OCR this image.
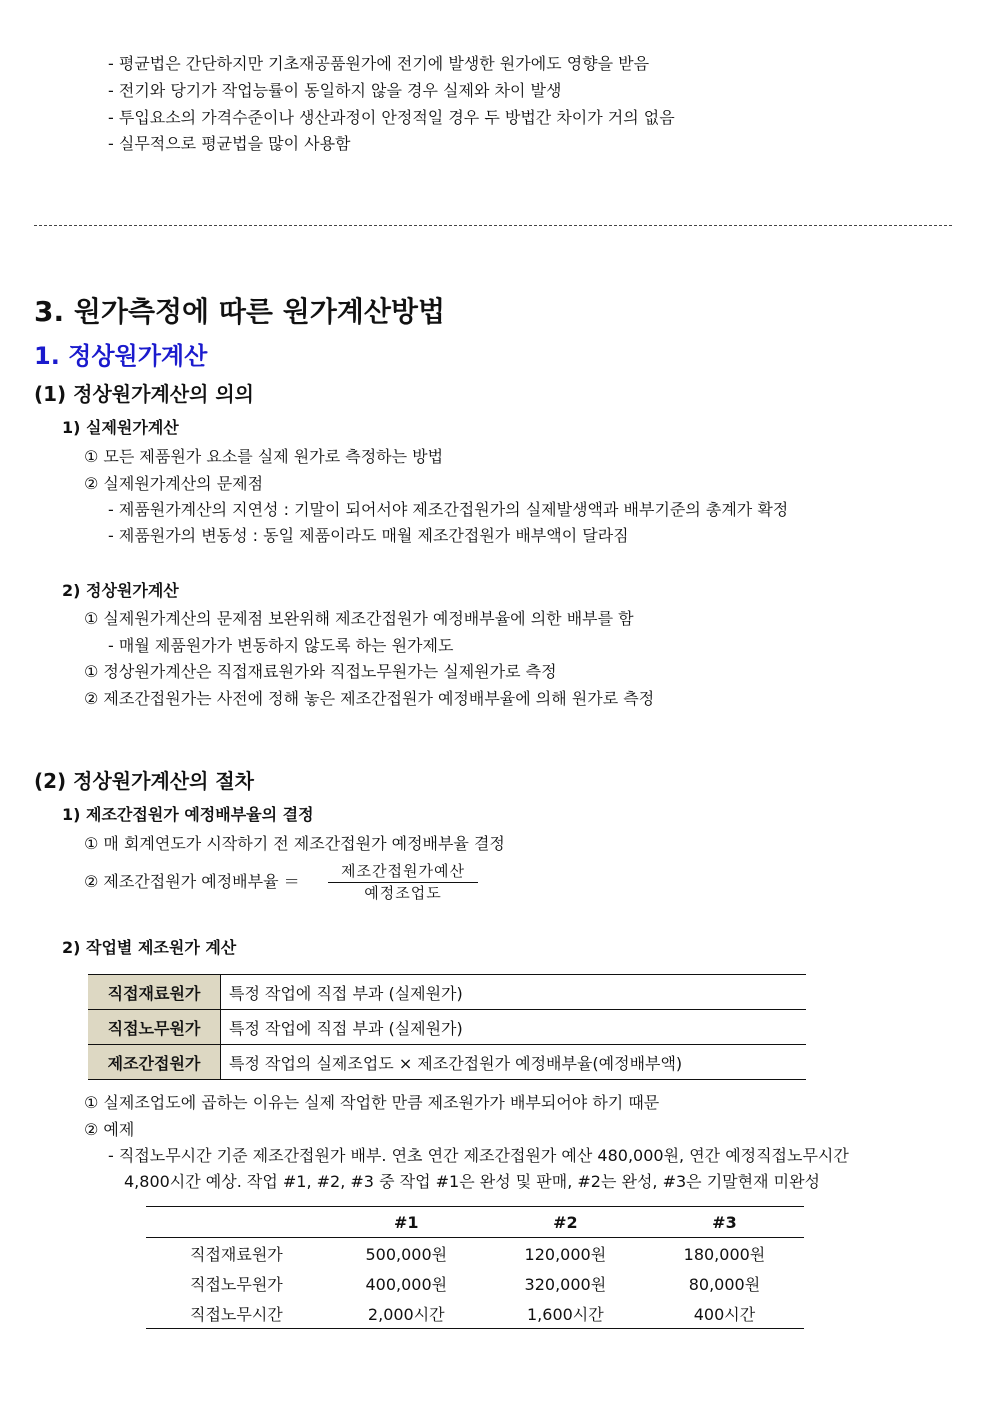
- 평균법은 간단하지만 기초재공품원가에 전기에 발생한 원가에도 영향을 받음
- 전기와 당기가 작업능률이 동일하지 않을 경우 실제와 차이 발생
- 투입요소의 가격수준이나 생산과정이 안정적일 경우 두 방법간 차이가 거의 없음
- 실무적으로 평균법을 많이 사용함
3. 원가측정에 따른 원가계산방법
1. 정상원가계산
(1) 정상원가계산의 의의
1) 실제원가계산
① 모든 제품원가 요소를 실제 원가로 측정하는 방법
② 실제원가계산의 문제점
- 제품원가계산의 지연성 : 기말이 되어서야 제조간접원가의 실제발생액과 배부기준의 총계가 확정
- 제품원가의 변동성 : 동일 제품이라도 매월 제조간접원가 배부액이 달라짐
2) 정상원가계산
① 실제원가계산의 문제점 보완위해 제조간접원가 예정배부율에 의한 배부를 함
- 매월 제품원가가 변동하지 않도록 하는 원가제도
① 정상원가계산은 직접재료원가와 직접노무원가는 실제원가로 측정
② 제조간접원가는 사전에 정해 놓은 제조간접원가 예정배부율에 의해 원가로 측정
(2) 정상원가계산의 절차
1) 제조간접원가 예정배부율의 결정
① 매 회계연도가 시작하기 전 제조간접원가 예정배부율 결정
② 제조간접원가 예정배부율 ＝
제조간접원가예산
예정조업도
2) 작업별 제조원가 계산
직접재료원가	특정 작업에 직접 부과 (실제원가)
직접노무원가	특정 작업에 직접 부과 (실제원가)
제조간접원가	특정 작업의 실제조업도 × 제조간접원가 예정배부율(예정배부액)
① 실제조업도에 곱하는 이유는 실제 작업한 만큼 제조원가가 배부되어야 하기 때문
② 예제
- 직접노무시간 기준 제조간접원가 배부. 연초 연간 제조간접원가 예산 480,000원, 연간 예정직접노무시간
4,800시간 예상. 작업 #1, #2, #3 중 작업 #1은 완성 및 판매, #2는 완성, #3은 기말현재 미완성
	#1	#2	#3
직접재료원가	500,000원	120,000원	180,000원
직접노무원가	400,000원	320,000원	80,000원
직접노무시간	2,000시간	1,600시간	400시간
